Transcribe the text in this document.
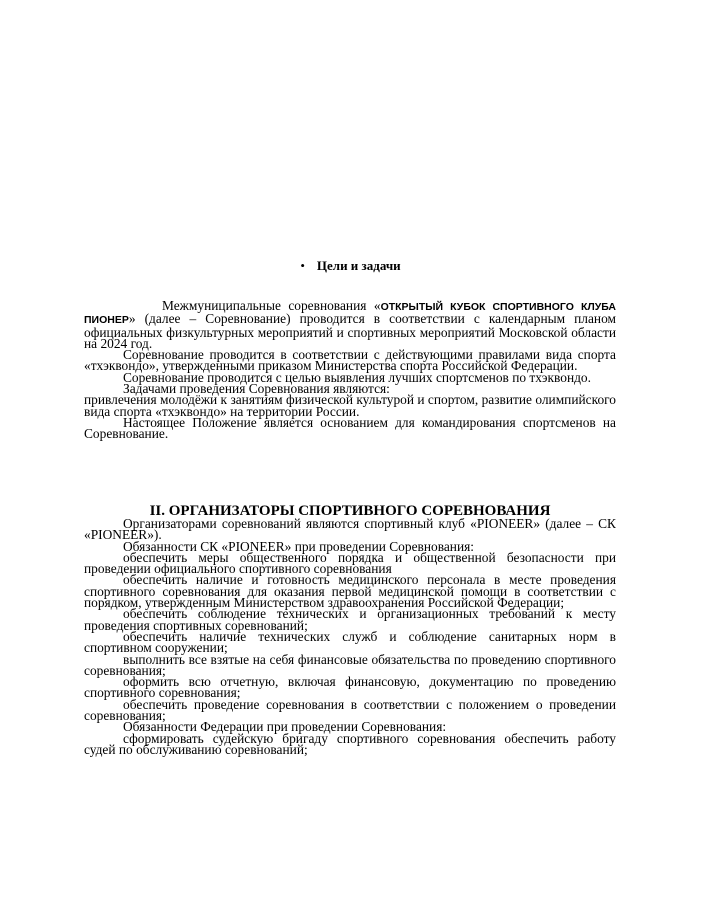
• Цели и задачи

Межмуниципальные соревнования «ОТКРЫТЫЙ КУБОК СПОРТИВНОГО КЛУБА ПИОНЕР» (далее – Соревнование) проводится в соответствии с календарным планом официальных физкультурных мероприятий и спортивных мероприятий Московской области на 2024 год.

Соревнование проводится в соответствии с действующими правилами вида спорта «тхэквондо», утвержденными приказом Министерства спорта Российской Федерации.

Соревнование проводится с целью выявления лучших спортсменов по тхэквондо.

Задачами проведения Соревнования являются:

привлечения молодёжи к занятиям физической культурой и спортом, развитие олимпийского вида спорта «тхэквондо» на территории России.

Настоящее Положение является основанием для командирования спортсменов на Соревнование.

II. ОРГАНИЗАТОРЫ СПОРТИВНОГО СОРЕВНОВАНИЯ

Организаторами соревнований являются спортивный клуб «PIONEER» (далее – СК «PIONEER»).

Обязанности СК «PIONEER» при проведении Соревнования:

обеспечить меры общественного порядка и общественной безопасности при проведении официального спортивного соревнования

обеспечить наличие и готовность медицинского персонала в месте проведения спортивного соревнования для оказания первой медицинской помощи в соответствии с порядком, утвержденным Министерством здравоохранения Российской Федерации;

обеспечить соблюдение технических и организационных требований к месту проведения спортивных соревнований;

обеспечить наличие технических служб и соблюдение санитарных норм в спортивном сооружении;

выполнить все взятые на себя финансовые обязательства по проведению спортивного соревнования;

оформить всю отчетную, включая финансовую, документацию по проведению спортивного соревнования;

обеспечить проведение соревнования в соответствии с положением о проведении соревнования;

Обязанности Федерации при проведении Соревнования:

сформировать судейскую бригаду спортивного соревнования обеспечить работу судей по обслуживанию соревнований;
